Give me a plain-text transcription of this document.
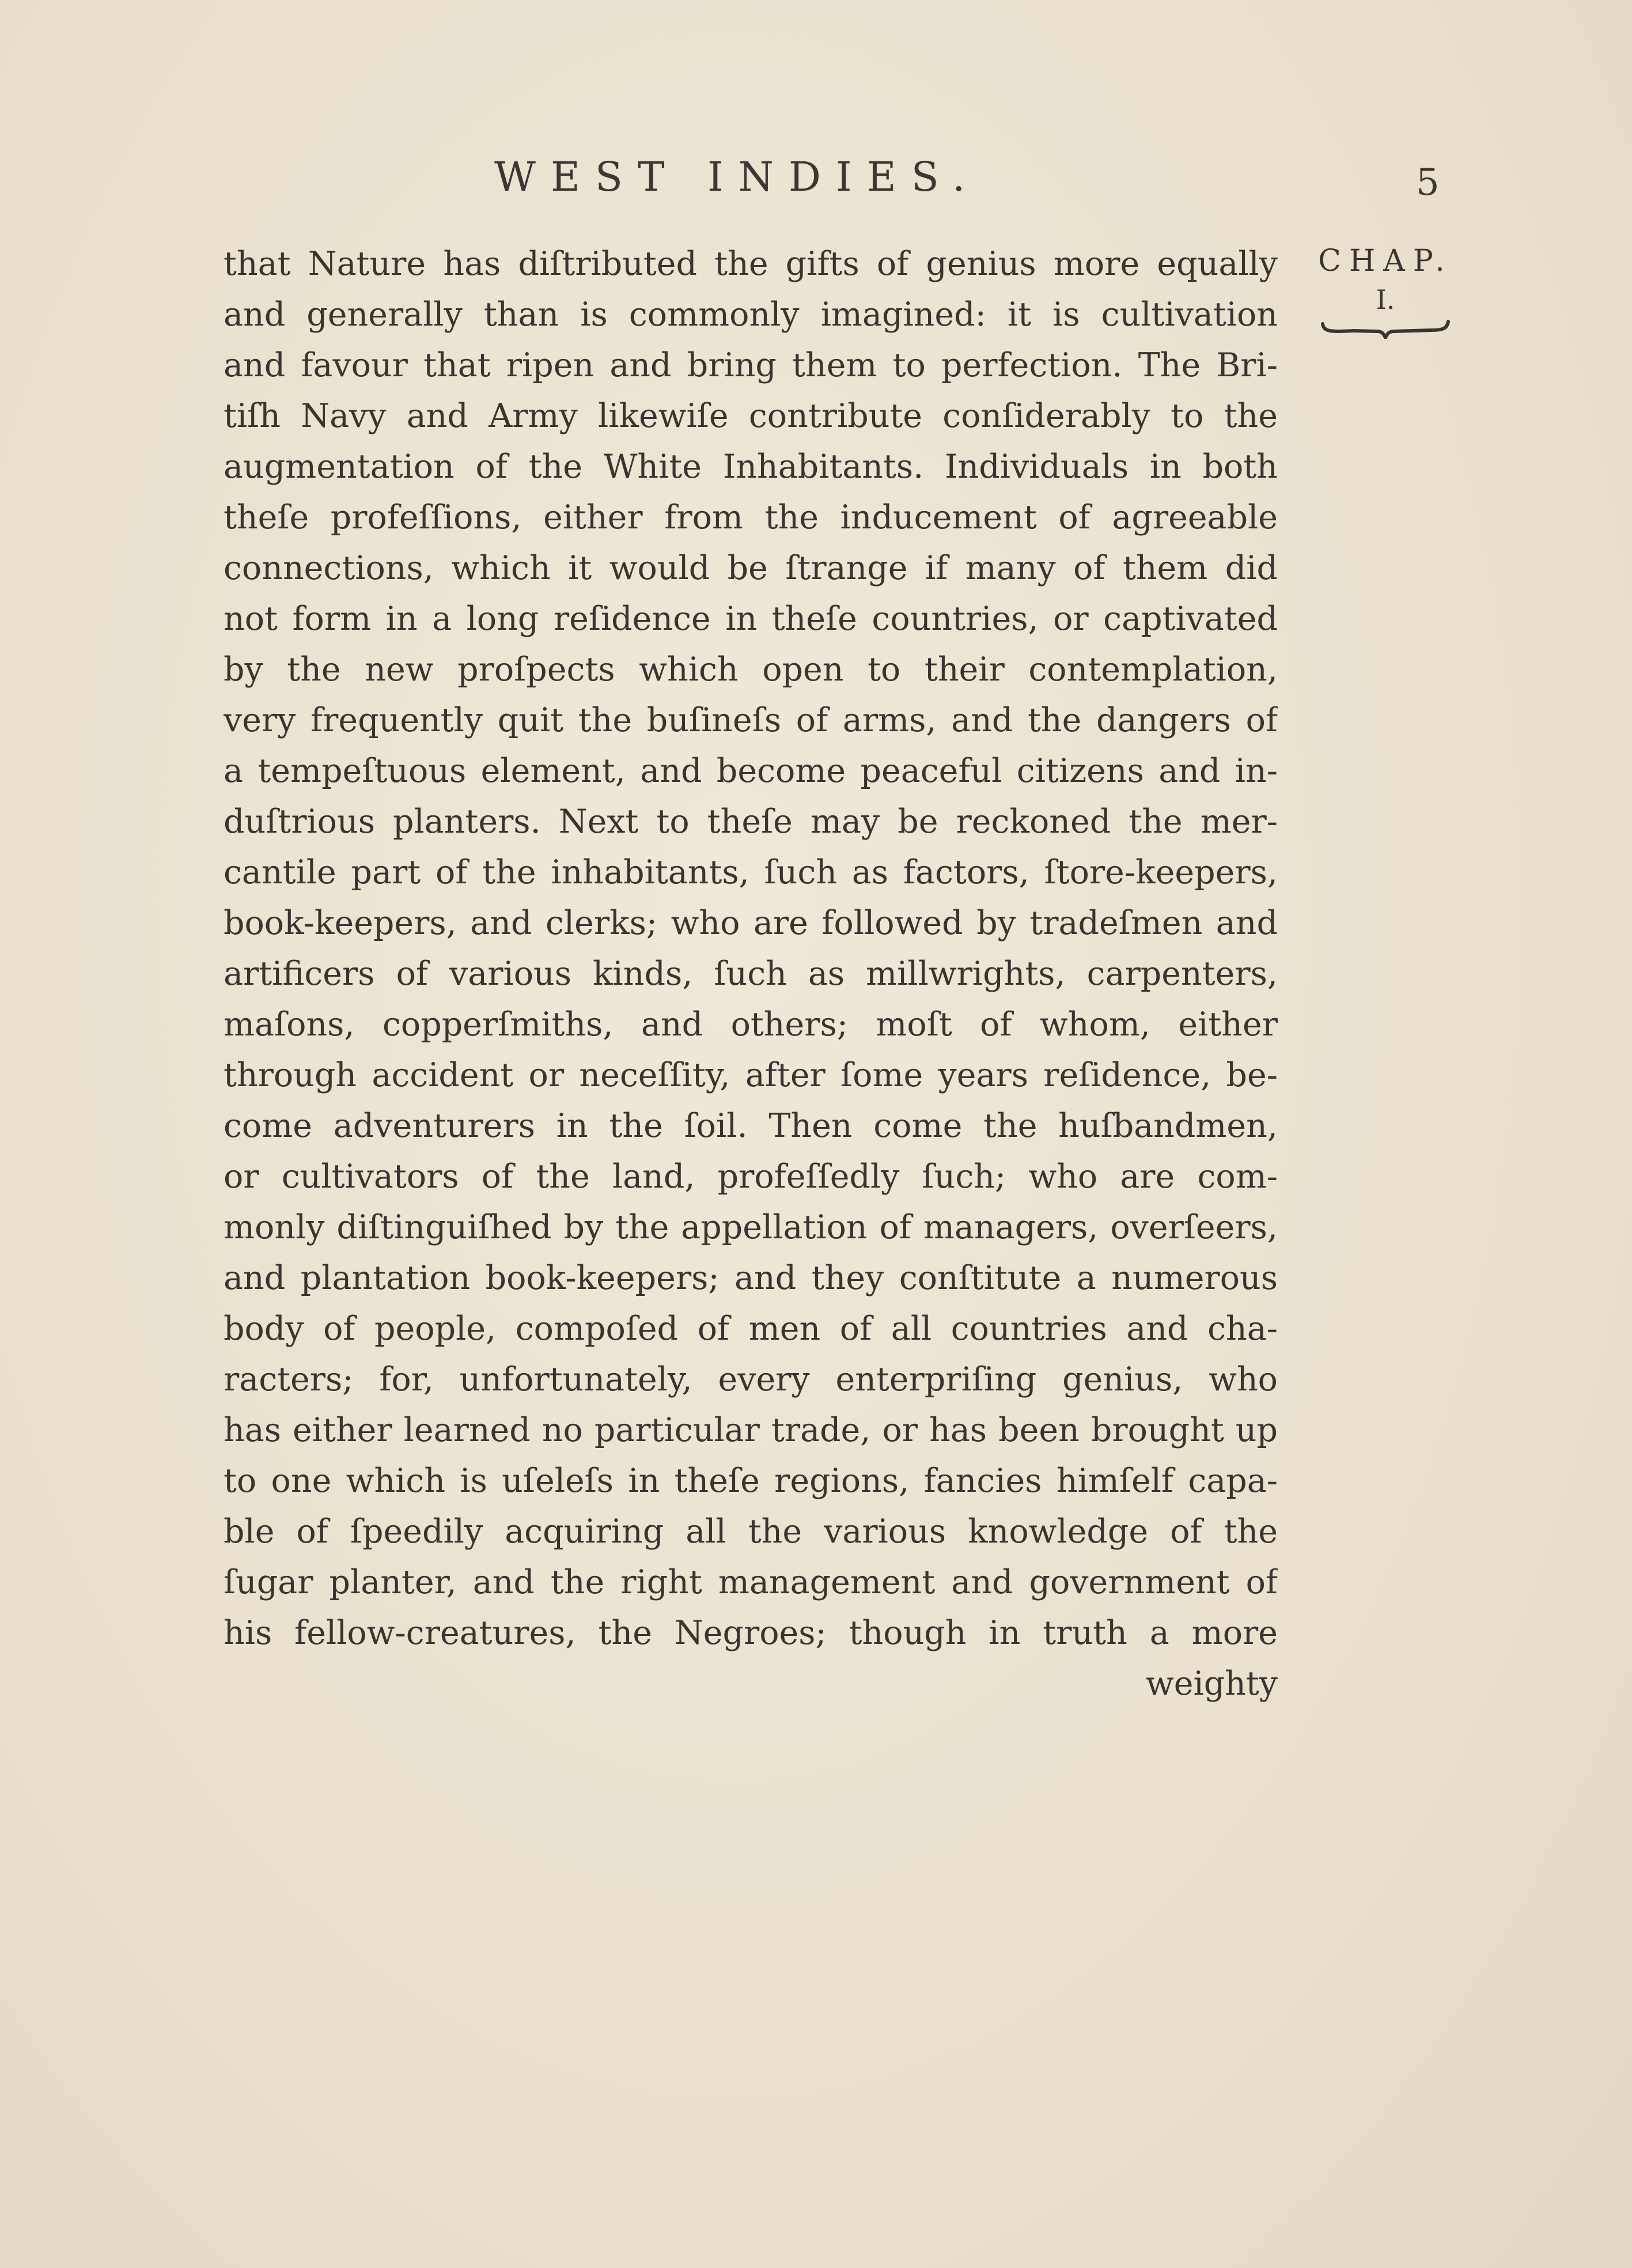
WEST INDIES.	5
CHAP.
I.
that Nature has diſtributed the gifts of genius more equally
and generally than is commonly imagined: it is cultivation
and favour that ripen and bring them to perfection. The Bri-
tiſh Navy and Army likewiſe contribute conſiderably to the
augmentation of the White Inhabitants. Individuals in both
theſe profeſſions, either from the inducement of agreeable
connections, which it would be ſtrange if many of them did
not form in a long reſidence in theſe countries, or captivated
by the new proſpects which open to their contemplation,
very frequently quit the buſineſs of arms, and the dangers of
a tempeſtuous element, and become peaceful citizens and in-
duſtrious planters. Next to theſe may be reckoned the mer-
cantile part of the inhabitants, ſuch as factors, ſtore-keepers,
book-keepers, and clerks; who are followed by tradeſmen and
artificers of various kinds, ſuch as millwrights, carpenters,
maſons, copperſmiths, and others; moſt of whom, either
through accident or neceſſity, after ſome years reſidence, be-
come adventurers in the ſoil. Then come the huſbandmen,
or cultivators of the land, profeſſedly ſuch; who are com-
monly diſtinguiſhed by the appellation of managers, overſeers,
and plantation book-keepers; and they conſtitute a numerous
body of people, compoſed of men of all countries and cha-
racters; for, unfortunately, every enterpriſing genius, who
has either learned no particular trade, or has been brought up
to one which is uſeleſs in theſe regions, fancies himſelf capa-
ble of ſpeedily acquiring all the various knowledge of the
ſugar planter, and the right management and government of
his fellow-creatures, the Negroes; though in truth a more
weighty
